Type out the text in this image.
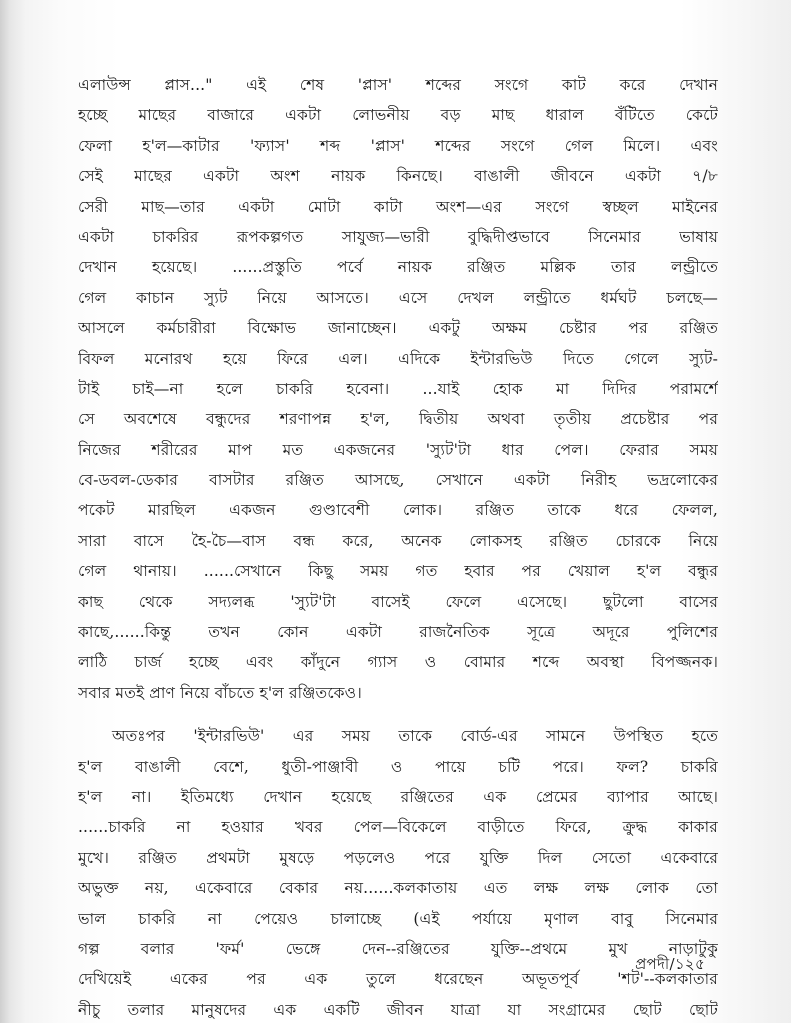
এলাউন্স প্লাস..." এই শেষ 'প্লাস' শব্দের সংগে কাট করে দেখান
হচ্ছে মাছের বাজারে একটা লোভনীয় বড় মাছ ধারাল বঁটিতে কেটে
ফেলা হ'ল—কাটার 'ফ্যাস' শব্দ 'প্লাস' শব্দের সংগে গেল মিলে। এবং
সেই মাছের একটা অংশ নায়ক কিনছে। বাঙালী জীবনে একটা ৭/৮
সেরী মাছ—তার একটা মোটা কাটা অংশ—এর সংগে স্বচ্ছল মাইনের
একটা চাকরির রূপকল্পগত সাযুজ্য—ভারী বুদ্ধিদীপ্তভাবে সিনেমার ভাষায়
দেখান হয়েছে। ......প্রস্তুতি পর্বে নায়ক রঞ্জিত মল্লিক তার লন্ড্রীতে
গেল কাচান স্যুট নিয়ে আসতে। এসে দেখল লন্ড্রীতে ধর্মঘট চলছে—
আসলে কর্মচারীরা বিক্ষোভ জানাচ্ছেন। একটু অক্ষম চেষ্টার পর রঞ্জিত
বিফল মনোরথ হয়ে ফিরে এল। এদিকে ইন্টারভিউ দিতে গেলে স্যুট-
টাই চাই—না হলে চাকরি হবেনা। ...যাই হোক মা দিদির পরামর্শে
সে অবশেষে বন্ধুদের শরণাপন্ন হ'ল, দ্বিতীয় অথবা তৃতীয় প্রচেষ্টার পর
নিজের শরীরের মাপ মত একজনের 'স্যুট'টা ধার পেল। ফেরার সময়
বে-ডবল-ডেকার বাসটার রঞ্জিত আসছে, সেখানে একটা নিরীহ ভদ্রলোকের
পকেট মারছিল একজন গুণ্ডাবেশী লোক। রঞ্জিত তাকে ধরে ফেলল,
সারা বাসে হৈ-চৈ—বাস বন্ধ করে, অনেক লোকসহ রঞ্জিত চোরকে নিয়ে
গেল থানায়। ......সেখানে কিছু সময় গত হবার পর খেয়াল হ'ল বন্ধুর
কাছ থেকে সদ্যলব্ধ 'স্যুট'টা বাসেই ফেলে এসেছে। ছুটলো বাসের
কাছে,......কিন্তু তখন কোন একটা রাজনৈতিক সূত্রে অদূরে পুলিশের
লাঠি চার্জ হচ্ছে এবং কাঁদুনে গ্যাস ও বোমার শব্দে অবস্থা বিপজ্জনক।
সবার মতই প্রাণ নিয়ে বাঁচতে হ'ল রঞ্জিতকেও।
অতঃপর 'ইন্টারভিউ' এর সময় তাকে বোর্ড-এর সামনে উপস্থিত হতে
হ'ল বাঙালী বেশে, ধুতী-পাঞ্জাবী ও পায়ে চটি পরে। ফল? চাকরি
হ'ল না। ইতিমধ্যে দেখান হয়েছে রঞ্জিতের এক প্রেমের ব্যাপার আছে।
......চাকরি না হওয়ার খবর পেল—বিকেলে বাড়ীতে ফিরে, ক্রুদ্ধ কাকার
মুখে। রঞ্জিত প্রথমটা মুষড়ে পড়লেও পরে যুক্তি দিল সেতো একেবারে
অভুক্ত নয়, একেবারে বেকার নয়......কলকাতায় এত লক্ষ লক্ষ লোক তো
ভাল চাকরি না পেয়েও চালাচ্ছে (এই পর্যায়ে মৃণাল বাবু সিনেমার
গল্প বলার 'ফর্ম' ভেঙ্গে দেন--রঞ্জিতের যুক্তি--প্রথমে মুখ নাড়াটুকু
দেখিয়েই একের পর এক তুলে ধরেছেন অভূতপূর্ব 'শট'--কলকাতার
নীচু তলার মানুষদের এক একটি জীবন যাত্রা যা সংগ্রামের ছোট ছোট
প্রপদী/১২৫
